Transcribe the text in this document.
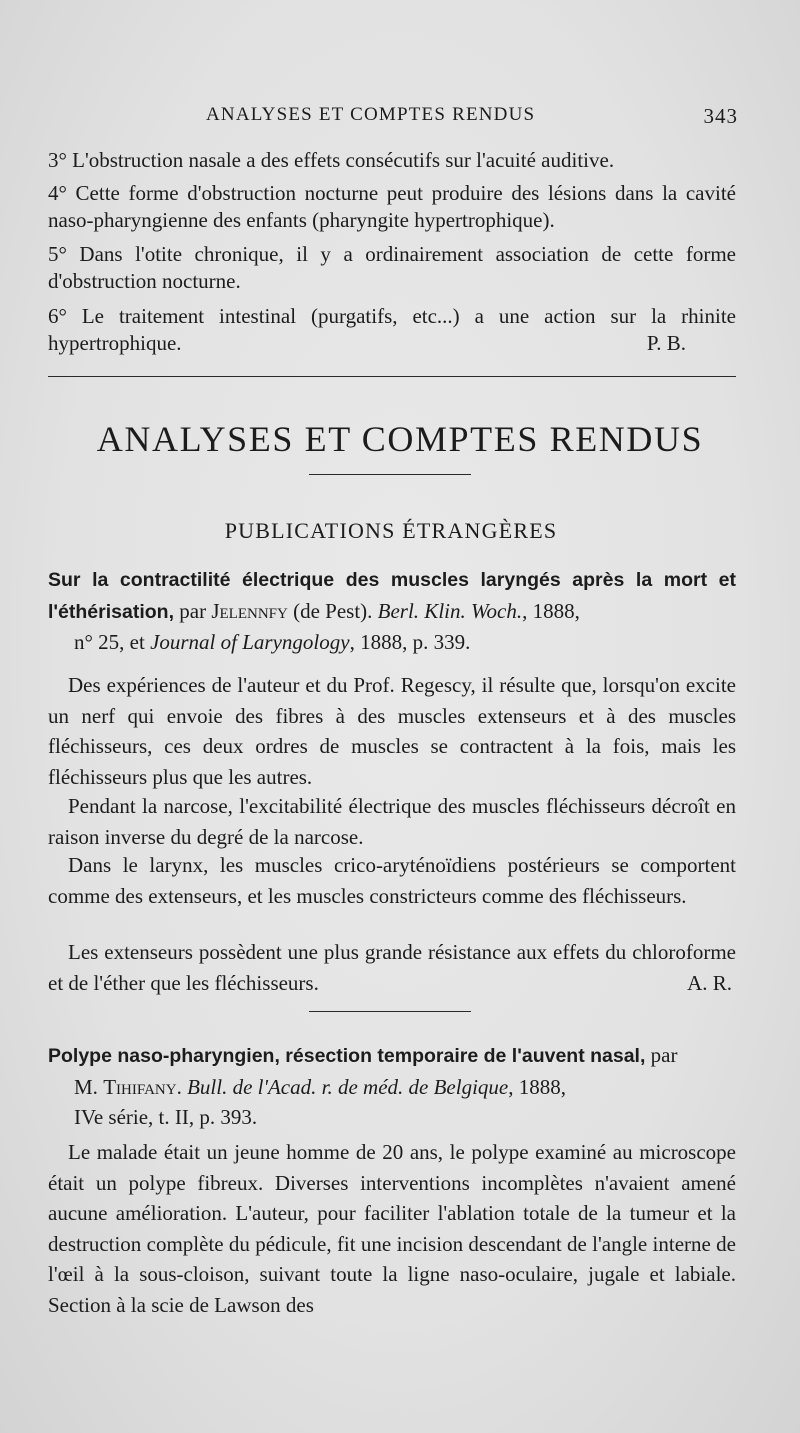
ANALYSES ET COMPTES RENDUS	343

3° L'obstruction nasale a des effets consécutifs sur l'acuité auditive.

4° Cette forme d'obstruction nocturne peut produire des lésions dans la cavité naso-pharyngienne des enfants (pharyngite hypertrophique).

5° Dans l'otite chronique, il y a ordinairement association de cette forme d'obstruction nocturne.

6° Le traitement intestinal (purgatifs, etc...) a une action sur la rhinite hypertrophique.	P. B.

ANALYSES ET COMPTES RENDUS
PUBLICATIONS ÉTRANGÈRES
Sur la contractilité électrique des muscles laryngés après la mort et l'éthérisation, par Jelennfy (de Pest). Berl. Klin. Woch., 1888,
n° 25, et Journal of Laryngology, 1888, p. 339.

Des expériences de l'auteur et du Prof. Regescy, il résulte que, lorsqu'on excite un nerf qui envoie des fibres à des muscles extenseurs et à des muscles fléchisseurs, ces deux ordres de muscles se contractent à la fois, mais les fléchisseurs plus que les autres.

Pendant la narcose, l'excitabilité électrique des muscles fléchisseurs décroît en raison inverse du degré de la narcose.

Dans le larynx, les muscles crico-aryténoïdiens postérieurs se comportent comme des extenseurs, et les muscles constricteurs comme des fléchisseurs.

Les extenseurs possèdent une plus grande résistance aux effets du chloroforme et de l'éther que les fléchisseurs.	A. R.

Polype naso-pharyngien, résection temporaire de l'auvent nasal, par
M. Tihifany. Bull. de l'Acad. r. de méd. de Belgique, 1888,
IVe série, t. II, p. 393.

Le malade était un jeune homme de 20 ans, le polype examiné au microscope était un polype fibreux. Diverses interventions incomplètes n'avaient amené aucune amélioration. L'auteur, pour faciliter l'ablation totale de la tumeur et la destruction complète du pédicule, fit une incision descendant de l'angle interne de l'œil à la sous-cloison, suivant toute la ligne naso-oculaire, jugale et labiale. Section à la scie de Lawson des
